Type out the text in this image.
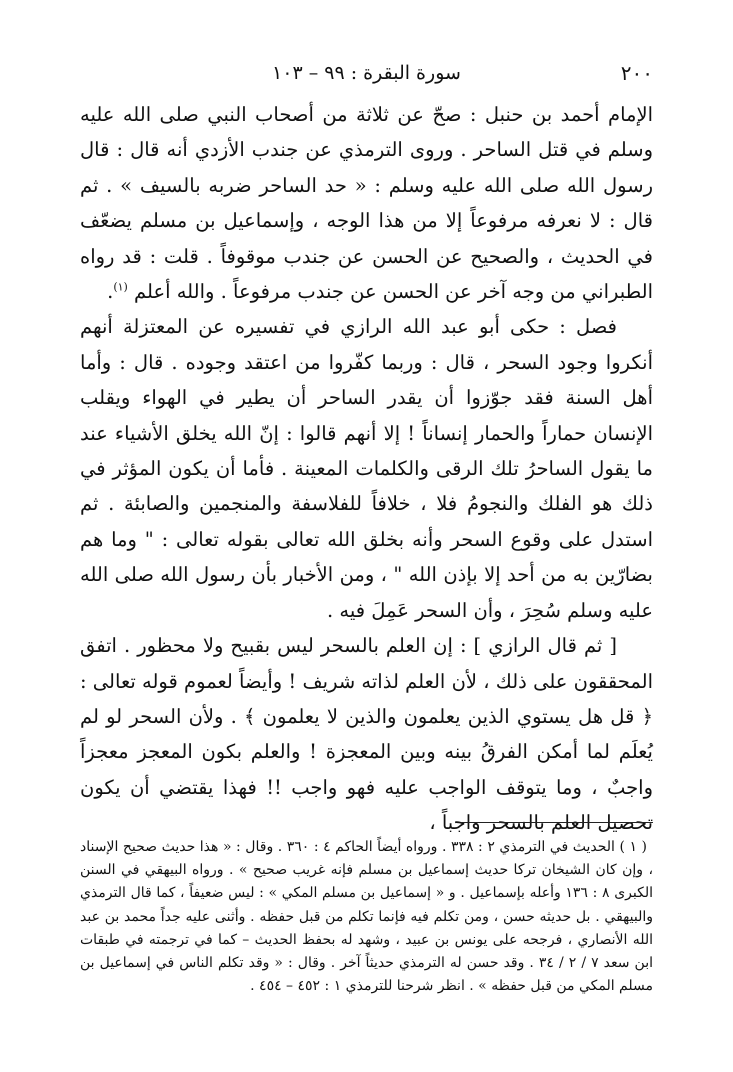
٢٠٠
سورة البقرة : ٩٩ – ١٠٣

الإمام أحمد بن حنبل : صحّ عن ثلاثة من أصحاب النبي صلى الله عليه وسلم في قتل الساحر . وروى الترمذي عن جندب الأزدي أنه قال : قال رسول الله صلى الله عليه وسلم : « حد الساحر ضربه بالسيف » . ثم قال : لا نعرفه مرفوعاً إلا من هذا الوجه ، وإسماعيل بن مسلم يضعّف في الحديث ، والصحيح عن الحسن عن جندب موقوفاً . قلت : قد رواه الطبراني من وجه آخر عن الحسن عن جندب مرفوعاً . والله أعلم $^{(١)}$.

فصل : حكى أبو عبد الله الرازي في تفسيره عن المعتزلة أنهم أنكروا وجود السحر ، قال : وربما كفّروا من اعتقد وجوده . قال : وأما أهل السنة فقد جوّزوا أن يقدر الساحر أن يطير في الهواء ويقلب الإنسان حماراً والحمار إنساناً ! إلا أنهم قالوا : إنّ الله يخلق الأشياء عند ما يقول الساحرُ تلك الرقى والكلمات المعينة . فأما أن يكون المؤثر في ذلك هو الفلك والنجومُ فلا ، خلافاً للفلاسفة والمنجمين والصابئة . ثم استدل على وقوع السحر وأنه بخلق الله تعالى بقوله تعالى : " وما هم بضارّين به من أحد إلا بإذن الله " ، ومن الأخبار بأن رسول الله صلى الله عليه وسلم سُحِرَ ، وأن السحر عَمِلَ فيه .

[ ثم قال الرازي ] : إن العلم بالسحر ليس بقبيح ولا محظور . اتفق المحققون على ذلك ، لأن العلم لذاته شريف ! وأيضاً لعموم قوله تعالى : ﴿ قل هل يستوي الذين يعلمون والذين لا يعلمون ﴾ . ولأن السحر لو لم يُعلَم لما أمكن الفرقُ بينه وبين المعجزة ! والعلم بكون المعجز معجزاً واجبٌ ، وما يتوقف الواجب عليه فهو واجب !! فهذا يقتضي أن يكون تحصيل العلم بالسحر واجباً ،

( ١ ) الحديث في الترمذي ٢ : ٣٣٨ . ورواه أيضاً الحاكم ٤ : ٣٦٠ . وقال : « هذا حديث صحيح الإسناد ، وإن كان الشيخان تركا حديث إسماعيل بن مسلم فإنه غريب صحيح » . ورواه البيهقي في السنن الكبرى ٨ : ١٣٦ وأعله بإسماعيل . و « إسماعيل بن مسلم المكي » : ليس ضعيفاً ، كما قال الترمذي والبيهقي . بل حديثه حسن ، ومن تكلم فيه فإنما تكلم من قبل حفظه . وأثنى عليه جداً محمد بن عبد الله الأنصاري ، فرجحه على يونس بن عبيد ، وشهد له بحفظ الحديث – كما في ترجمته في طبقات ابن سعد ٧ / ٢ / ٣٤ . وقد حسن له الترمذي حديثاً آخر . وقال : « وقد تكلم الناس في إسماعيل بن مسلم المكي من قبل حفظه » . انظر شرحنا للترمذي ١ : ٤٥٢ – ٤٥٤ .
